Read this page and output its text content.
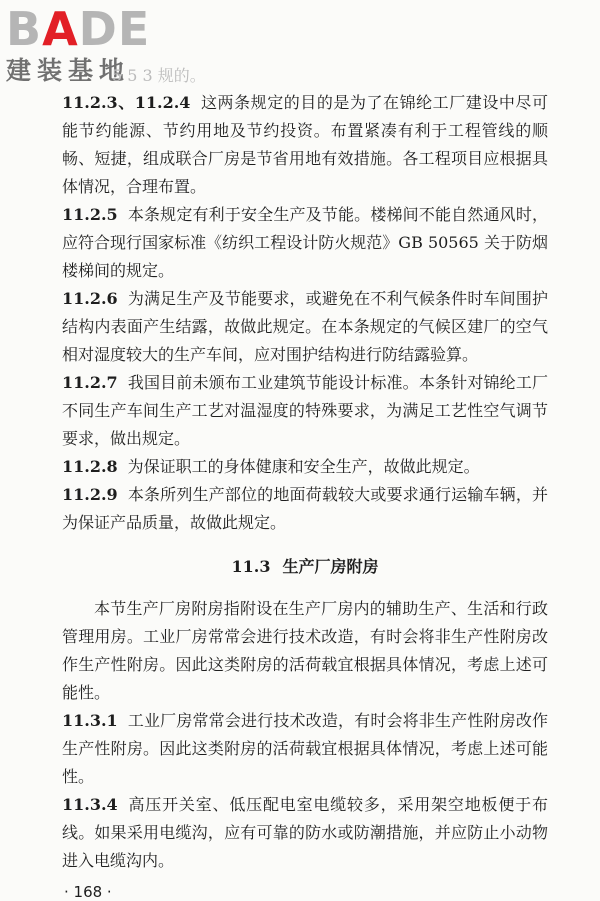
BADE
建装基地
5 5 3 规的。

11.2.3、11.2.4 这两条规定的目的是为了在锦纶工厂建设中尽可能节约能源、节约用地及节约投资。布置紧凑有利于工程管线的顺畅、短捷，组成联合厂房是节省用地有效措施。各工程项目应根据具体情况，合理布置。

11.2.5 本条规定有利于安全生产及节能。楼梯间不能自然通风时，应符合现行国家标准《纺织工程设计防火规范》GB 50565 关于防烟楼梯间的规定。

11.2.6 为满足生产及节能要求，或避免在不利气候条件时车间围护结构内表面产生结露，故做此规定。在本条规定的气候区建厂的空气相对湿度较大的生产车间，应对围护结构进行防结露验算。

11.2.7 我国目前未颁布工业建筑节能设计标准。本条针对锦纶工厂不同生产车间生产工艺对温湿度的特殊要求，为满足工艺性空气调节要求，做出规定。

11.2.8 为保证职工的身体健康和安全生产，故做此规定。

11.2.9 本条所列生产部位的地面荷载较大或要求通行运输车辆，并为保证产品质量，故做此规定。

11.3 生产厂房附房

本节生产厂房附房指附设在生产厂房内的辅助生产、生活和行政管理用房。工业厂房常常会进行技术改造，有时会将非生产性附房改作生产性附房。因此这类附房的活荷载宜根据具体情况，考虑上述可能性。

11.3.1 工业厂房常常会进行技术改造，有时会将非生产性附房改作生产性附房。因此这类附房的活荷载宜根据具体情况，考虑上述可能性。

11.3.4 高压开关室、低压配电室电缆较多，采用架空地板便于布线。如果采用电缆沟，应有可靠的防水或防潮措施，并应防止小动物进入电缆沟内。

· 168 ·
